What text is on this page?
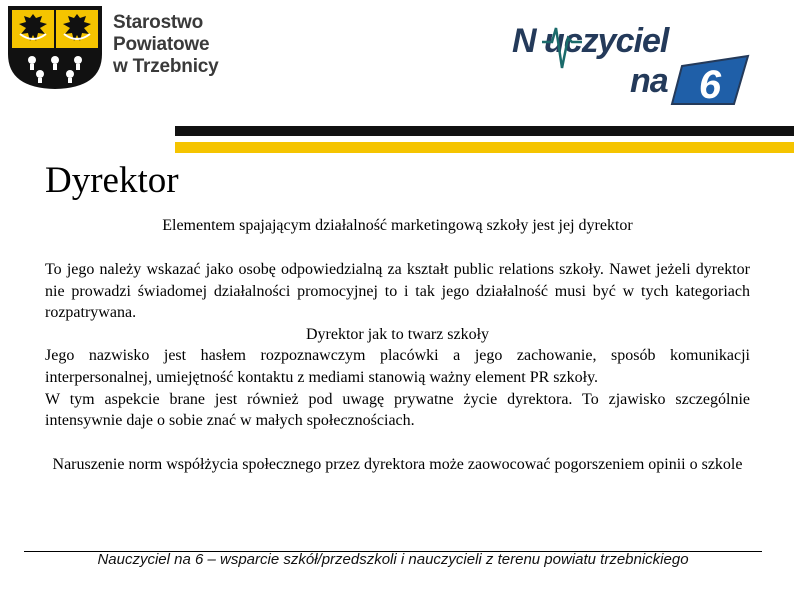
Starostwo
Powiatowe
w Trzebnicy
N uczyciel
na 6
Dyrektor
Elementem spajającym działalność marketingową szkoły jest jej dyrektor

To jego należy wskazać jako osobę odpowiedzialną za kształt public relations szkoły. Nawet jeżeli dyrektor nie prowadzi świadomej działalności promocyjnej to i tak jego działalność musi być w tych kategoriach rozpatrywana.

Dyrektor jak to twarz szkoły

Jego nazwisko jest hasłem rozpoznawczym placówki a jego zachowanie, sposób komunikacji interpersonalnej, umiejętność kontaktu z mediami stanowią ważny element PR szkoły.

W tym aspekcie brane jest również pod uwagę prywatne życie dyrektora. To zjawisko szczególnie intensywnie daje o sobie znać w małych społecznościach.

Naruszenie norm współżycia społecznego przez dyrektora może zaowocować pogorszeniem opinii o szkole
Nauczyciel na 6 – wsparcie szkół/przedszkoli i nauczycieli z terenu powiatu trzebnickiego
